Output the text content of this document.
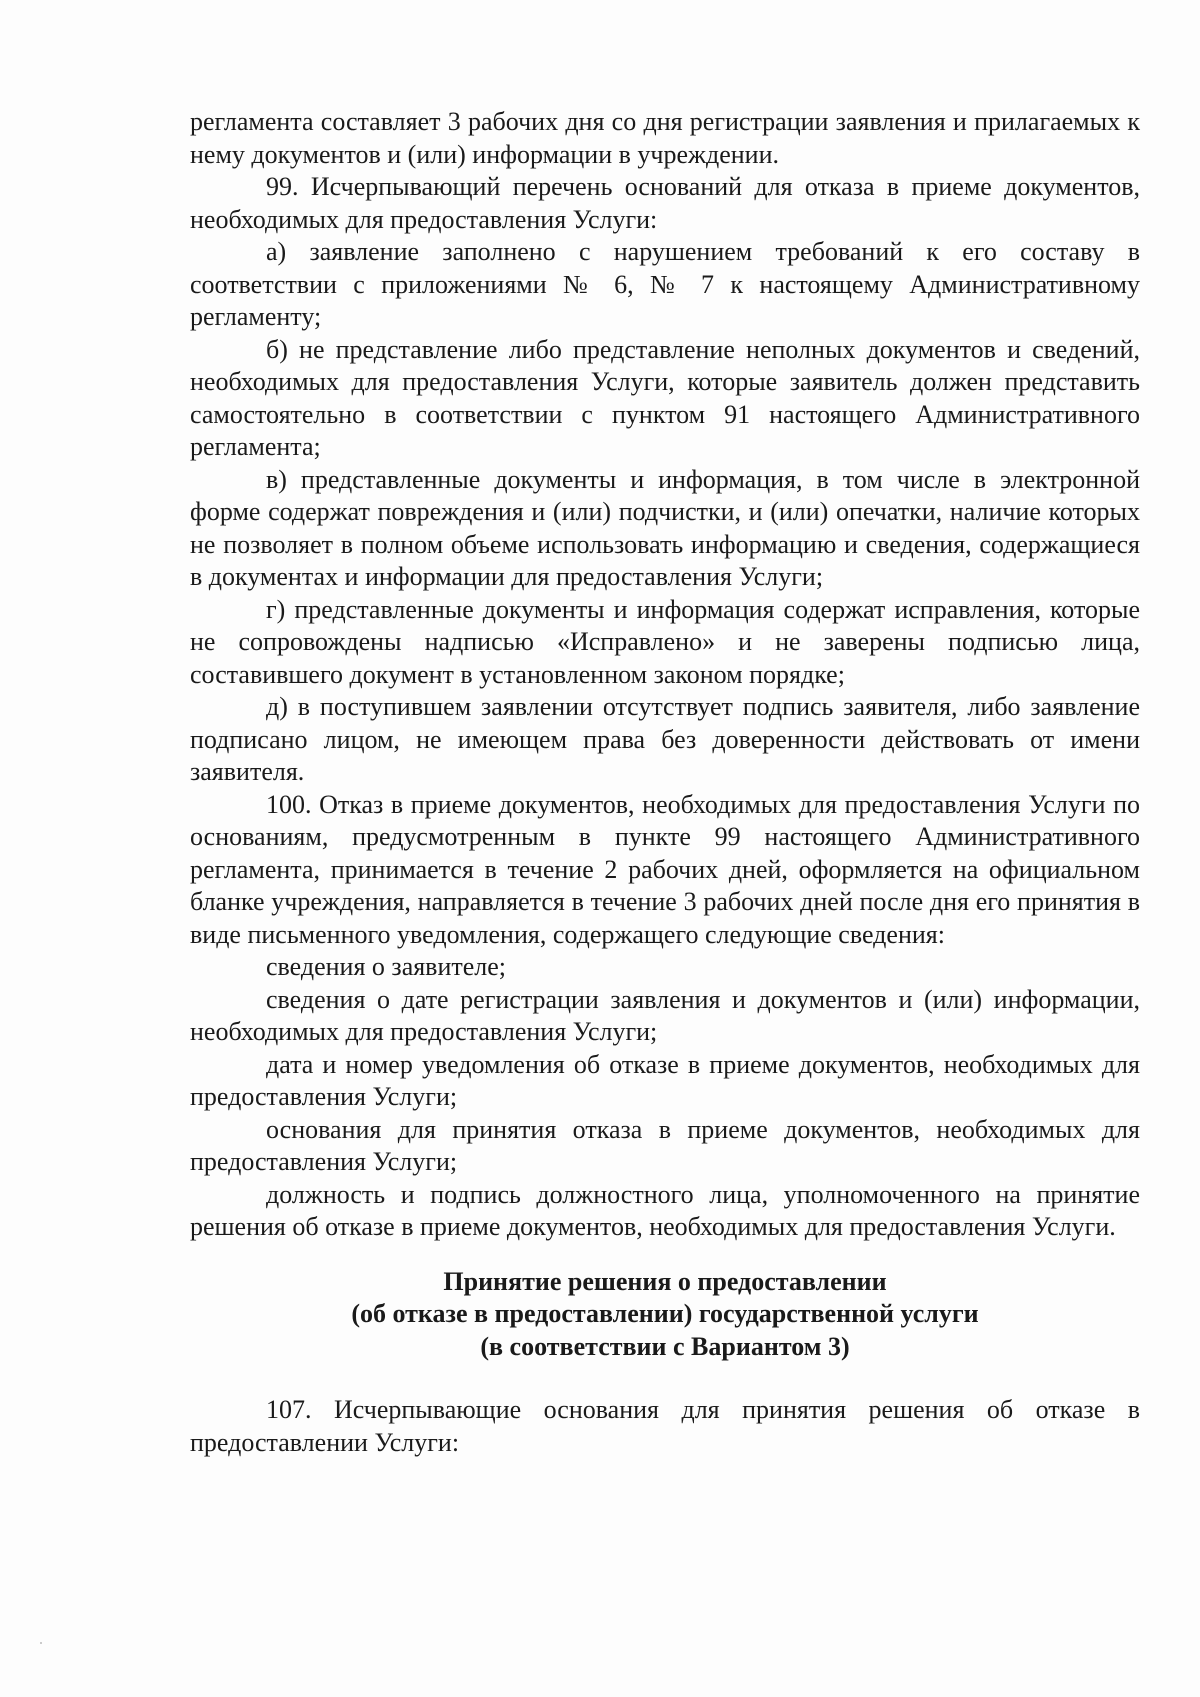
регламента составляет 3 рабочих дня со дня регистрации заявления и прилагаемых к нему документов и (или) информации в учреждении.

99. Исчерпывающий перечень оснований для отказа в приеме документов, необходимых для предоставления Услуги:

а) заявление заполнено с нарушением требований к его составу в соответствии с приложениями № 6, № 7 к настоящему Административному регламенту;

б) не представление либо представление неполных документов и сведений, необходимых для предоставления Услуги, которые заявитель должен представить самостоятельно в соответствии с пунктом 91 настоящего Административного регламента;

в) представленные документы и информация, в том числе в электронной форме содержат повреждения и (или) подчистки, и (или) опечатки, наличие которых не позволяет в полном объеме использовать информацию и сведения, содержащиеся в документах и информации для предоставления Услуги;

г) представленные документы и информация содержат исправления, которые не сопровождены надписью «Исправлено» и не заверены подписью лица, составившего документ в установленном законом порядке;

д) в поступившем заявлении отсутствует подпись заявителя, либо заявление подписано лицом, не имеющем права без доверенности действовать от имени заявителя.

100. Отказ в приеме документов, необходимых для предоставления Услуги по основаниям, предусмотренным в пункте 99 настоящего Административного регламента, принимается в течение 2 рабочих дней, оформляется на официальном бланке учреждения, направляется в течение 3 рабочих дней после дня его принятия в виде письменного уведомления, содержащего следующие сведения:

сведения о заявителе;

сведения о дате регистрации заявления и документов и (или) информации, необходимых для предоставления Услуги;

дата и номер уведомления об отказе в приеме документов, необходимых для предоставления Услуги;

основания для принятия отказа в приеме документов, необходимых для предоставления Услуги;

должность и подпись должностного лица, уполномоченного на принятие решения об отказе в приеме документов, необходимых для предоставления Услуги.

Принятие решения о предоставлении
(об отказе в предоставлении) государственной услуги
(в соответствии с Вариантом 3)

107. Исчерпывающие основания для принятия решения об отказе в предоставлении Услуги:
